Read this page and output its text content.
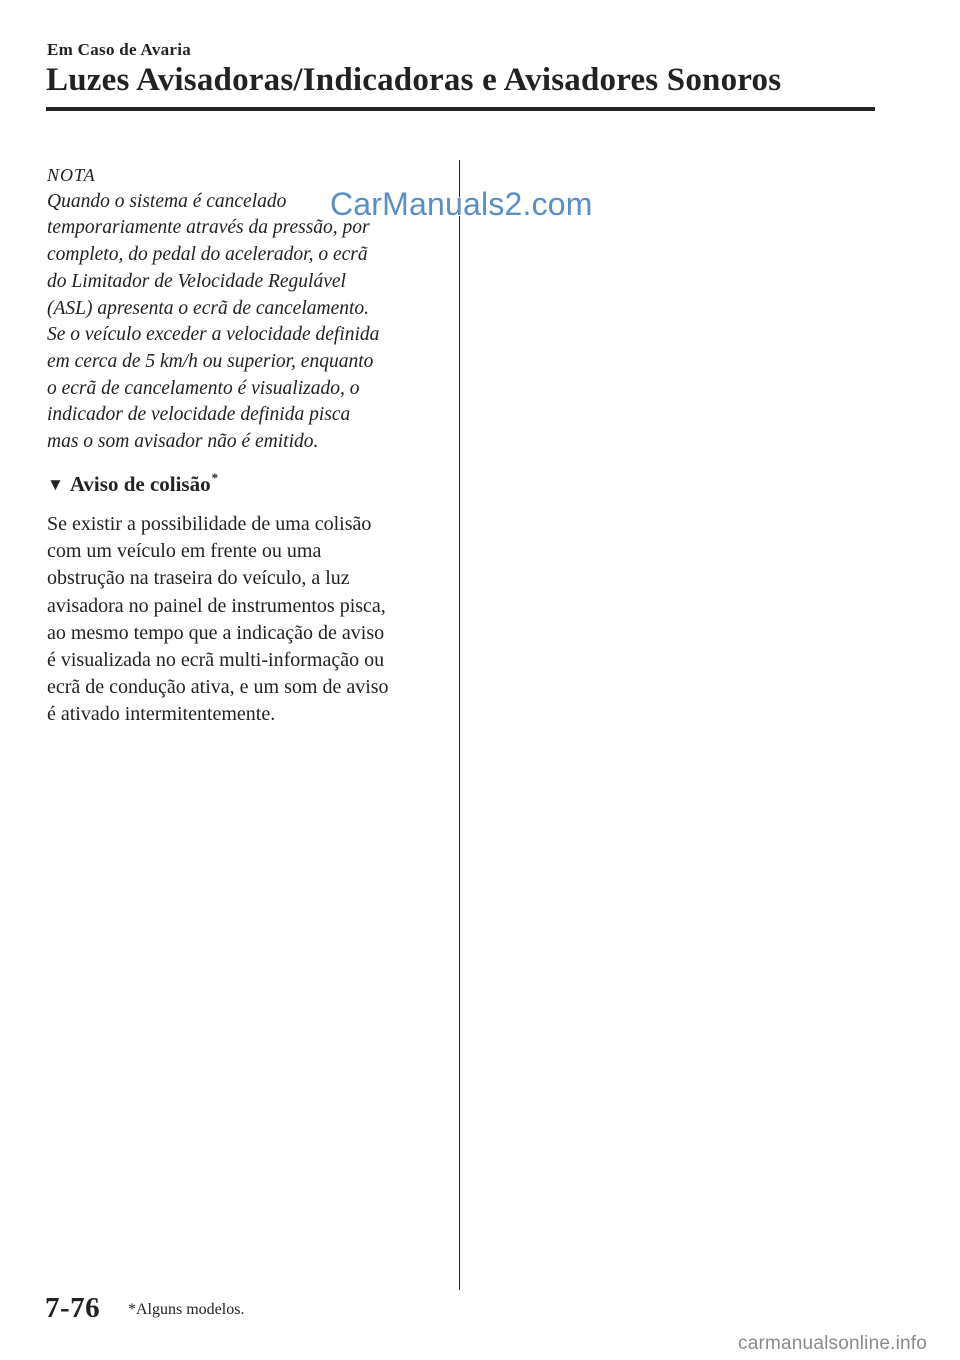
Em Caso de Avaria
Luzes Avisadoras/Indicadoras e Avisadores Sonoros
NOTA
Quando o sistema é cancelado
temporariamente através da pressão, por
completo, do pedal do acelerador, o ecrã
do Limitador de Velocidade Regulável
(ASL) apresenta o ecrã de cancelamento.
Se o veículo exceder a velocidade definida
em cerca de 5 km/h ou superior, enquanto
o ecrã de cancelamento é visualizado, o
indicador de velocidade definida pisca
mas o som avisador não é emitido.
CarManuals2.com
▼ Aviso de colisão*
Se existir a possibilidade de uma colisão
com um veículo em frente ou uma
obstrução na traseira do veículo, a luz
avisadora no painel de instrumentos pisca,
ao mesmo tempo que a indicação de aviso
é visualizada no ecrã multi-informação ou
ecrã de condução ativa, e um som de aviso
é ativado intermitentemente.
7-76 *Alguns modelos.
carmanualsonline.info
